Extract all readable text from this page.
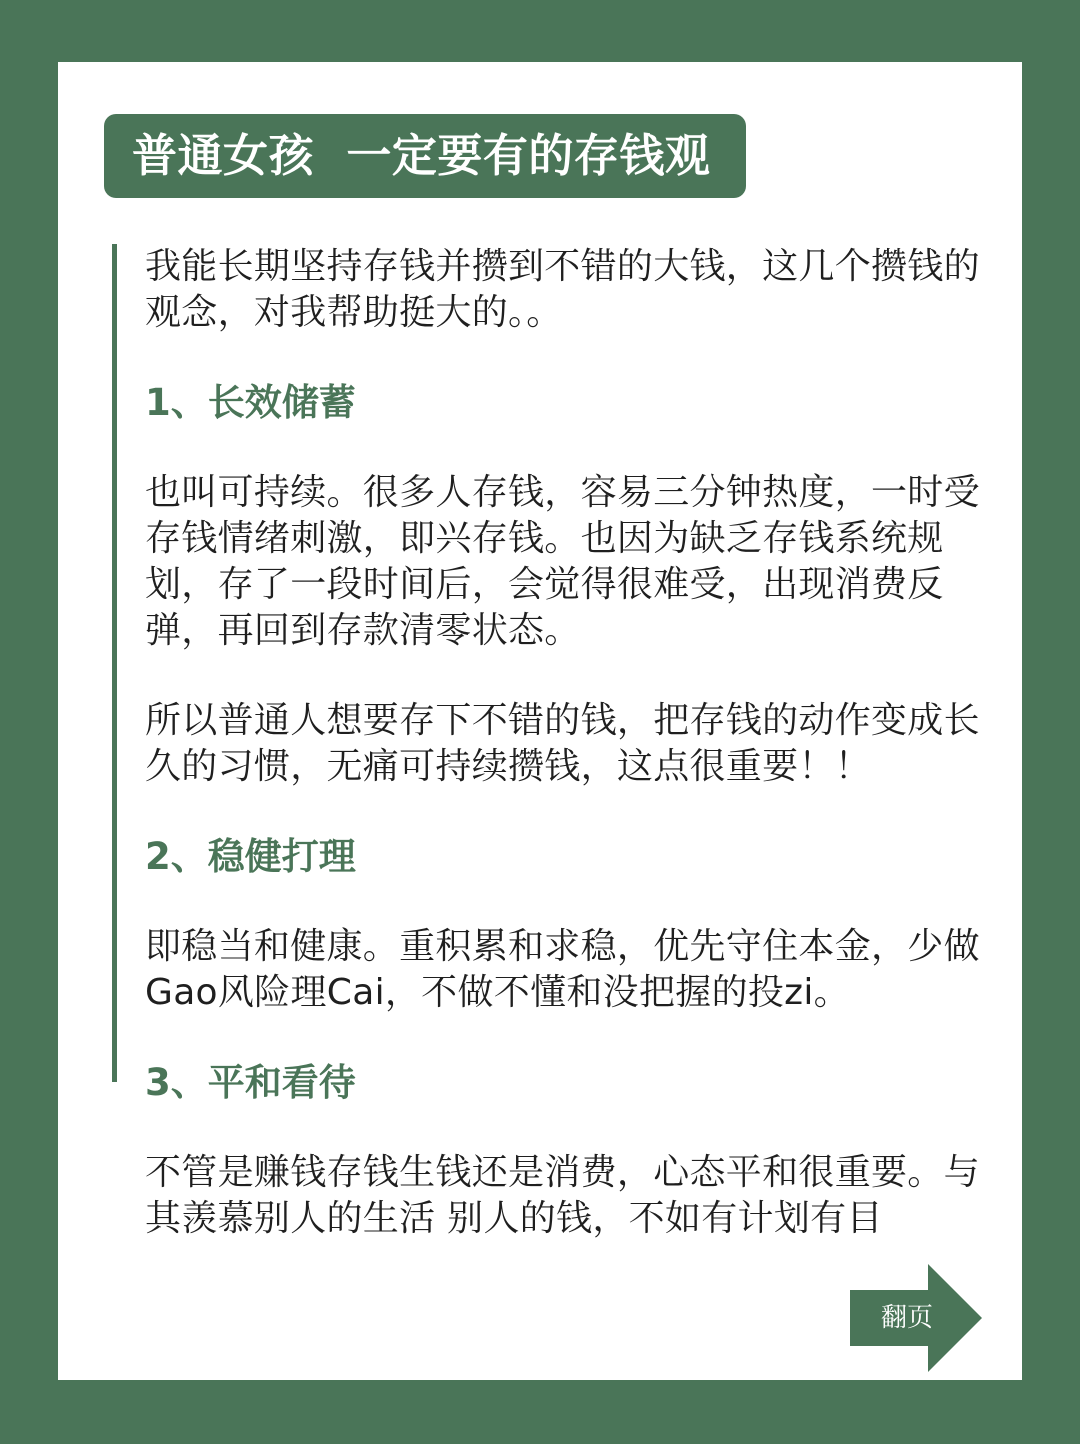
普通女孩  一定要有的存钱观

我能长期坚持存钱并攒到不错的大钱，这几个攒钱的观念，对我帮助挺大的。。

1、长效储蓄

也叫可持续。很多人存钱，容易三分钟热度，一时受存钱情绪刺激，即兴存钱。也因为缺乏存钱系统规划，存了一段时间后，会觉得很难受，出现消费反弹，再回到存款清零状态。

所以普通人想要存下不错的钱，把存钱的动作变成长久的习惯，无痛可持续攒钱，这点很重要！！

2、稳健打理

即稳当和健康。重积累和求稳，优先守住本金，少做Gao风险理Cai，不做不懂和没把握的投zi。

3、平和看待

不管是赚钱存钱生钱还是消费，心态平和很重要。与其羡慕别人的生活 别人的钱，不如有计划有目

翻页
